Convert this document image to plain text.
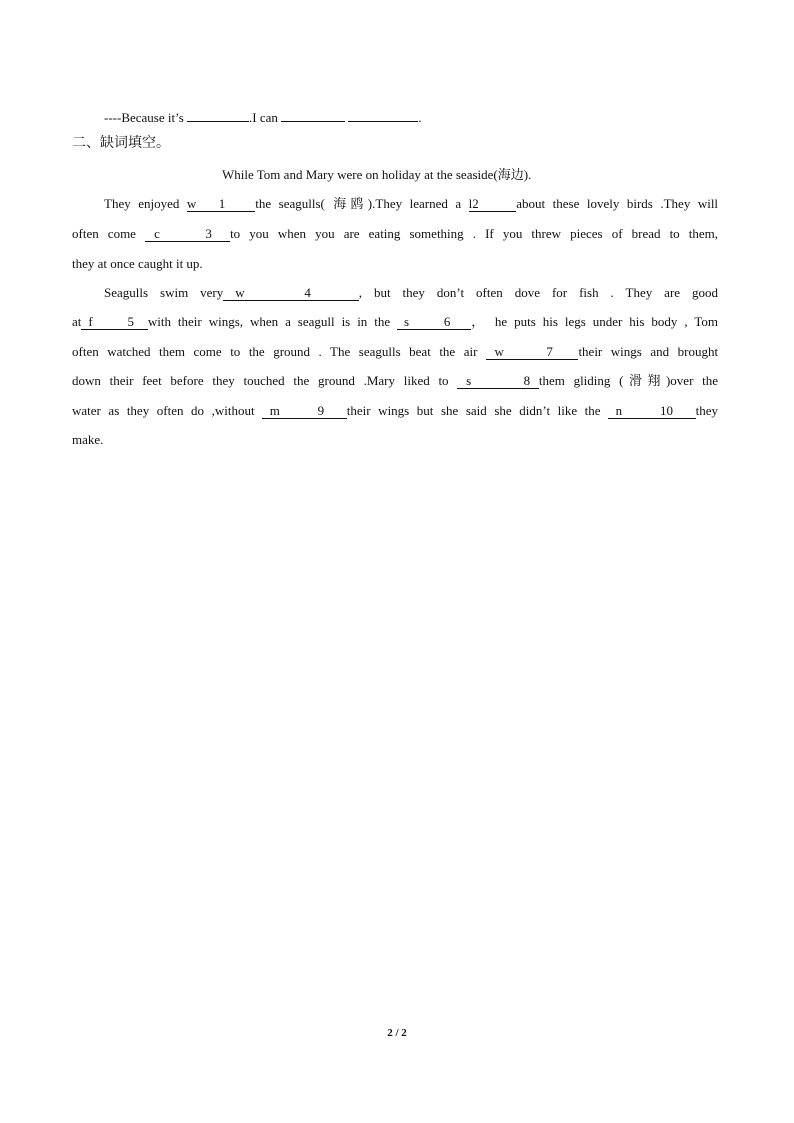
----Because it’s	.I can	.
二、缺词填空。
While Tom and Mary were on holiday at the seaside(海边).
They enjoyed w 1 the seagulls( 海鸥).They learned a l2	about these lovely birds .They will
often come  c	3 to you when you are eating something . If you threw pieces of bread to them,
they at once caught it up.
Seagulls swim very w	4	, but they don’t often dove for fish . They are good
at f	5 with their wings, when a seagull is in the  s	6 ， he puts his legs under his body , Tom
often watched them come to the ground . The seagulls beat the air w	7 their wings and brought
down their feet before they touched the ground .Mary liked to  s	8 them gliding (滑翔)over the
water as they often do ,without  m	9 their wings but she said she didn’t like the  n	10 they
make.
2 / 2
